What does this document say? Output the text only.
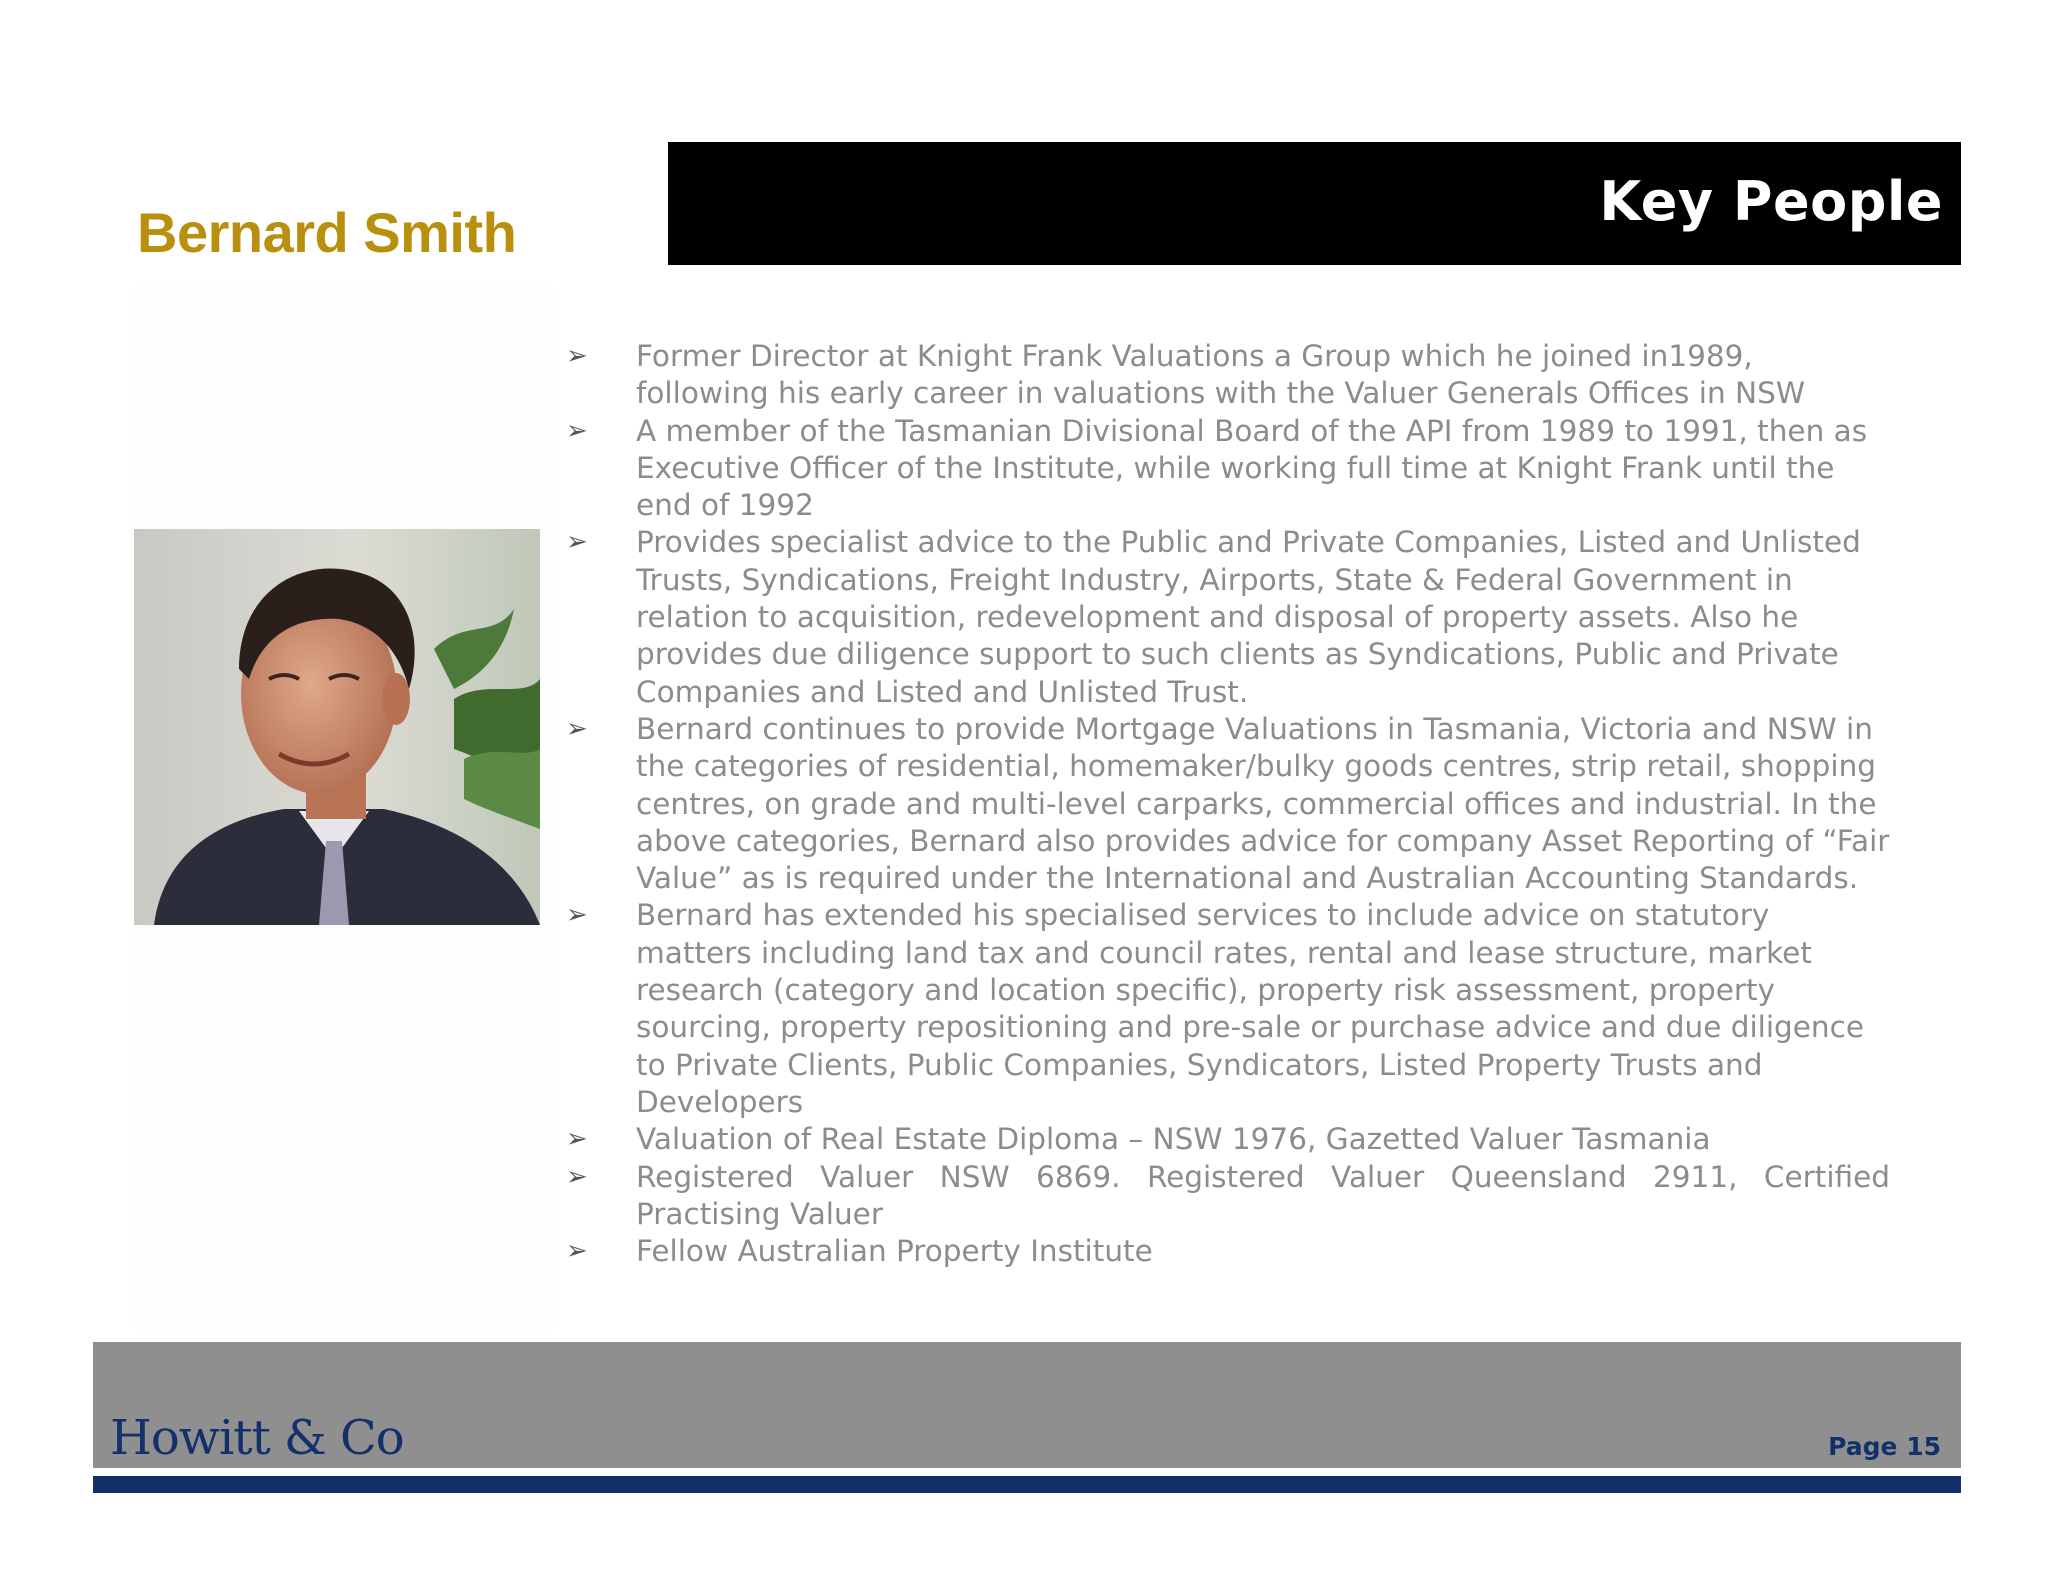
Key People
Bernard Smith
➢ Former Director at Knight Frank Valuations a Group which he joined in1989, following his early career in valuations with the Valuer Generals Offices in NSW
➢ A member of the Tasmanian Divisional Board of the API from 1989 to 1991, then as Executive Officer of the Institute, while working full time at Knight Frank until the end of 1992
➢ Provides specialist advice to the Public and Private Companies, Listed and Unlisted Trusts, Syndications, Freight Industry, Airports, State & Federal Government in relation to acquisition, redevelopment and disposal of property assets. Also he provides due diligence support to such clients as Syndications, Public and Private Companies and Listed and Unlisted Trust.
➢ Bernard continues to provide Mortgage Valuations in Tasmania, Victoria and NSW in the categories of residential, homemaker/bulky goods centres, strip retail, shopping centres, on grade and multi-level carparks, commercial offices and industrial. In the above categories, Bernard also provides advice for company Asset Reporting of “Fair Value” as is required under the International and Australian Accounting Standards.
➢ Bernard has extended his specialised services to include advice on statutory matters including land tax and council rates, rental and lease structure, market research (category and location specific), property risk assessment, property sourcing, property repositioning and pre-sale or purchase advice and due diligence to Private Clients, Public Companies, Syndicators, Listed Property Trusts and Developers
➢ Valuation of Real Estate Diploma – NSW 1976, Gazetted Valuer Tasmania
➢ Registered Valuer NSW 6869. Registered Valuer Queensland 2911, Certified Practising Valuer
➢ Fellow Australian Property Institute
Howitt & Co	Page 15
